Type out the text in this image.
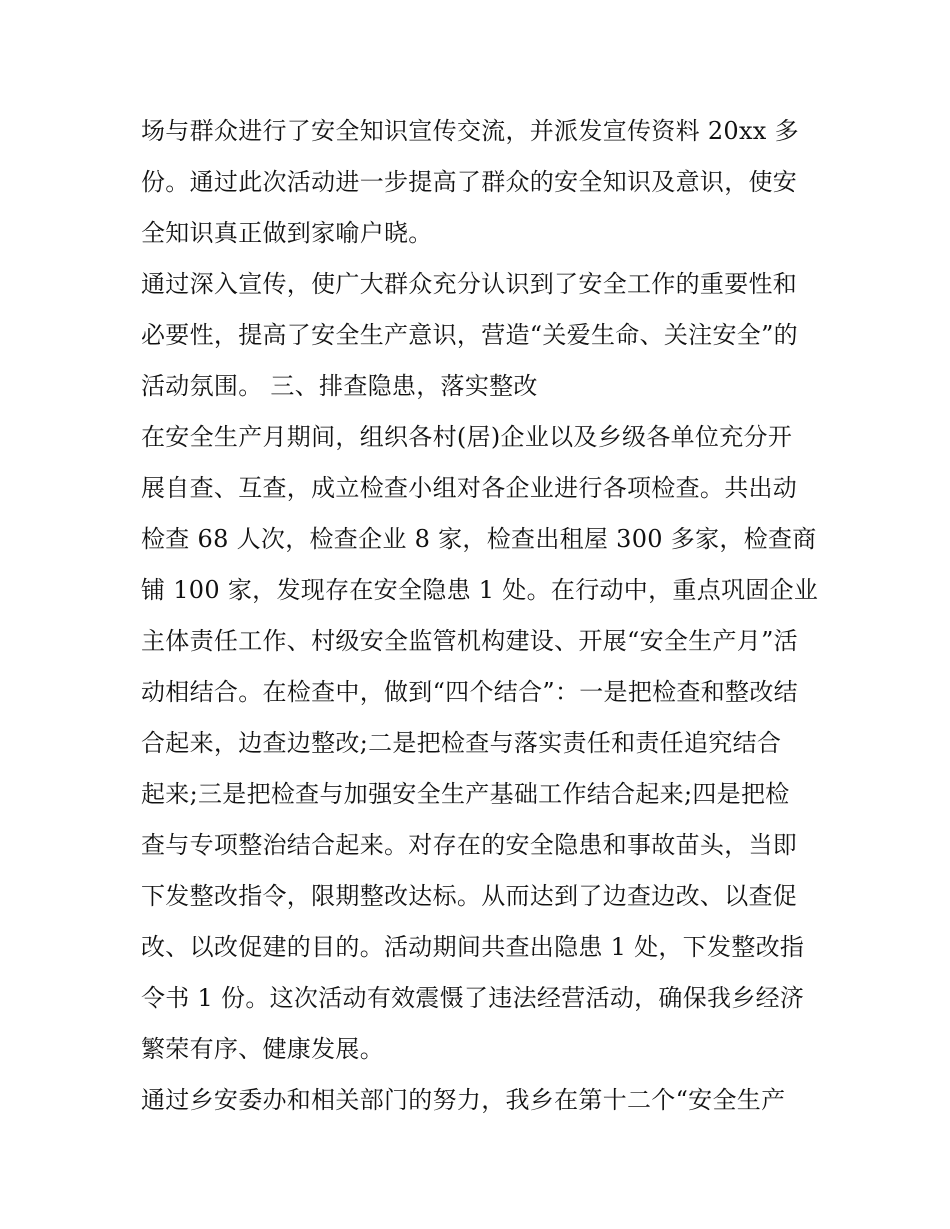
场与群众进行了安全知识宣传交流，并派发宣传资料 20xx 多
份。通过此次活动进一步提高了群众的安全知识及意识，使安
全知识真正做到家喻户晓。
通过深入宣传，使广大群众充分认识到了安全工作的重要性和
必要性，提高了安全生产意识，营造“关爱生命、关注安全”的
活动氛围。 三、排查隐患，落实整改
在安全生产月期间，组织各村(居)企业以及乡级各单位充分开
展自查、互查，成立检查小组对各企业进行各项检查。共出动
检查 68 人次，检查企业 8 家，检查出租屋 300 多家，检查商
铺 100 家，发现存在安全隐患 1 处。在行动中，重点巩固企业
主体责任工作、村级安全监管机构建设、开展“安全生产月”活
动相结合。在检查中，做到“四个结合”：一是把检查和整改结
合起来，边查边整改;二是把检查与落实责任和责任追究结合
起来;三是把检查与加强安全生产基础工作结合起来;四是把检
查与专项整治结合起来。对存在的安全隐患和事故苗头，当即
下发整改指令，限期整改达标。从而达到了边查边改、以查促
改、以改促建的目的。活动期间共查出隐患 1 处，下发整改指
令书 1 份。这次活动有效震慑了违法经营活动，确保我乡经济
繁荣有序、健康发展。
通过乡安委办和相关部门的努力，我乡在第十二个“安全生产
